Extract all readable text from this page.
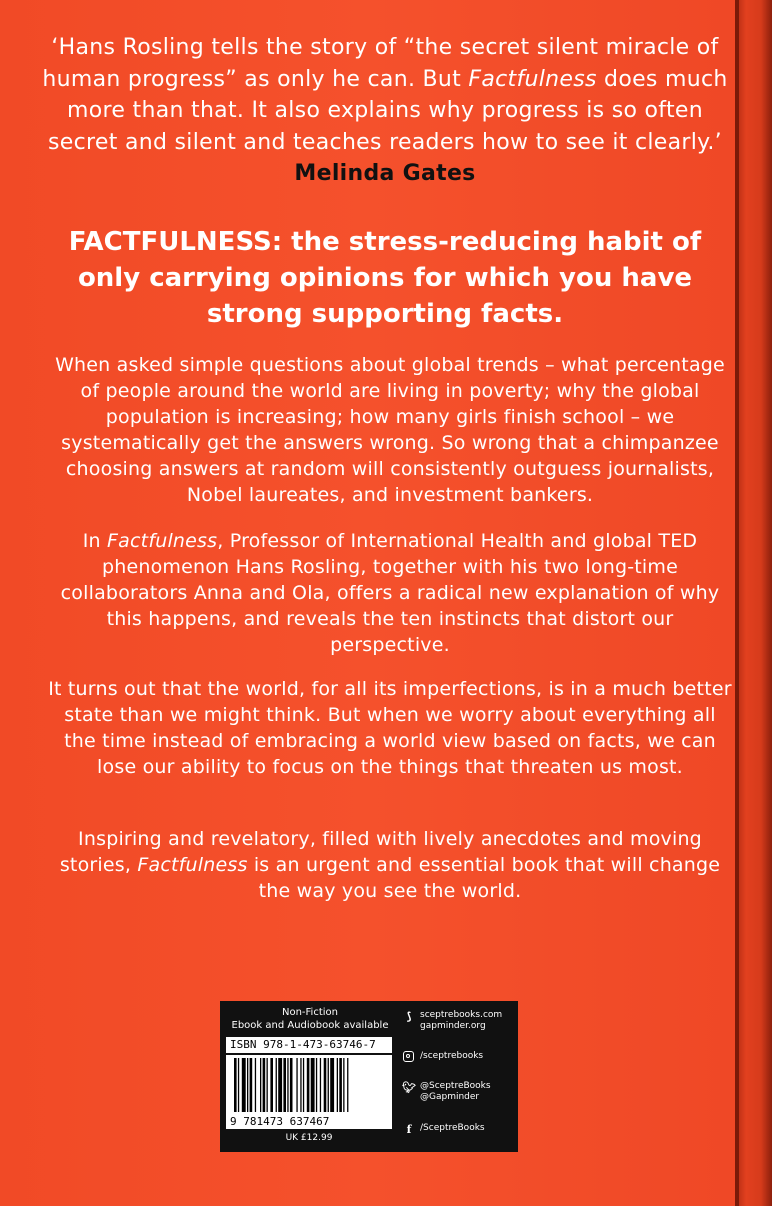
‘Hans Rosling tells the story of “the secret silent miracle of human progress” as only he can. But Factfulness does much more than that. It also explains why progress is so often secret and silent and teaches readers how to see it clearly.’ Melinda Gates
FACTFULNESS: the stress-reducing habit of only carrying opinions for which you have strong supporting facts.

When asked simple questions about global trends – what percentage of people around the world are living in poverty; why the global population is increasing; how many girls finish school – we systematically get the answers wrong. So wrong that a chimpanzee choosing answers at random will consistently outguess journalists, Nobel laureates, and investment bankers.

In Factfulness, Professor of International Health and global TED phenomenon Hans Rosling, together with his two long-time collaborators Anna and Ola, offers a radical new explanation of why this happens, and reveals the ten instincts that distort our perspective.

It turns out that the world, for all its imperfections, is in a much better state than we might think. But when we worry about everything all the time instead of embracing a world view based on facts, we can lose our ability to focus on the things that threaten us most.

Inspiring and revelatory, filled with lively anecdotes and moving stories, Factfulness is an urgent and essential book that will change the way you see the world.

Non-Fiction
Ebook and Audiobook available
ISBN 978-1-473-63746-7
9 781473 637467
UK £12.99
⟆ sceptrebooks.com
gapminder.org
/sceptrebooks
🐦︎ @SceptreBooks
@Gapminder
f /SceptreBooks
